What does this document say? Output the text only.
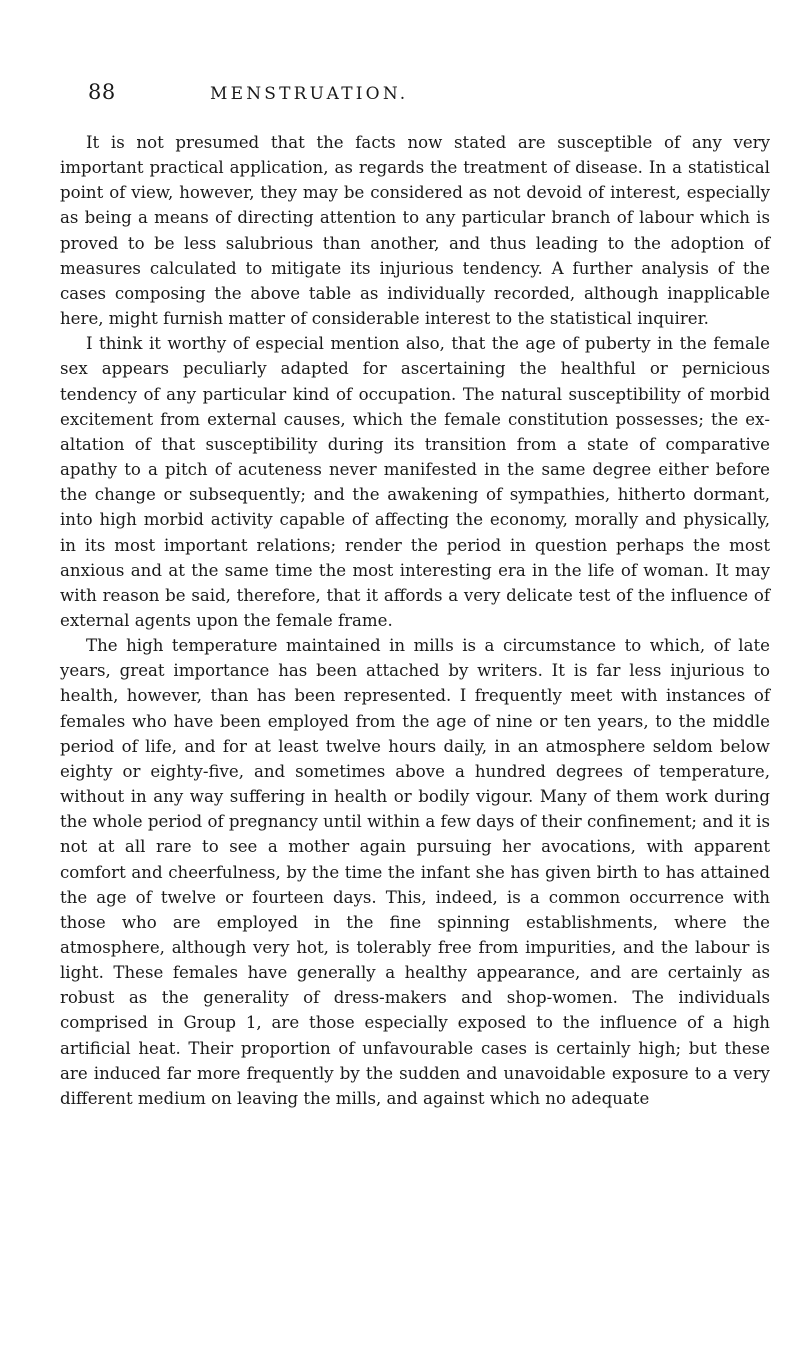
88	MENSTRUATION.

It is not presumed that the facts now stated are susceptible of any very important practical application, as regards the treatment of disease. In a statistical point of view, however, they may be considered as not devoid of interest, especially as being a means of directing attention to any particular branch of labour which is proved to be less salubrious than another, and thus leading to the adoption of measures calculated to mitigate its injurious tendency. A further analysis of the cases composing the above table as individually recorded, although inapplicable here, might furnish matter of considerable interest to the statistical inquirer.

I think it worthy of especial mention also, that the age of puberty in the female sex appears peculiarly adapted for ascertaining the healthful or pernicious tendency of any particular kind of occupation. The natural susceptibility of morbid excitement from external causes, which the female constitution possesses; the exaltation of that susceptibility during its transition from a state of comparative apathy to a pitch of acuteness never manifested in the same degree either before the change or subsequently; and the awakening of sympathies, hitherto dormant, into high morbid activity capable of affecting the economy, morally and physically, in its most important relations; render the period in question perhaps the most anxious and at the same time the most interesting era in the life of woman. It may with reason be said, therefore, that it affords a very delicate test of the influence of external agents upon the female frame.

The high temperature maintained in mills is a circumstance to which, of late years, great importance has been attached by writers. It is far less injurious to health, however, than has been represented. I frequently meet with instances of females who have been employed from the age of nine or ten years, to the middle period of life, and for at least twelve hours daily, in an atmosphere seldom below eighty or eighty-five, and sometimes above a hundred degrees of temperature, without in any way suffering in health or bodily vigour. Many of them work during the whole period of pregnancy until within a few days of their confinement; and it is not at all rare to see a mother again pursuing her avocations, with apparent comfort and cheerfulness, by the time the infant she has given birth to has attained the age of twelve or fourteen days. This, indeed, is a common occurrence with those who are employed in the fine spinning establishments, where the atmosphere, although very hot, is tolerably free from impurities, and the labour is light. These females have generally a healthy appearance, and are certainly as robust as the generality of dress-makers and shop-women. The individuals comprised in Group 1, are those especially exposed to the influence of a high artificial heat. Their proportion of unfavourable cases is certainly high; but these are induced far more frequently by the sudden and unavoidable exposure to a very different medium on leaving the mills, and against which no adequate
